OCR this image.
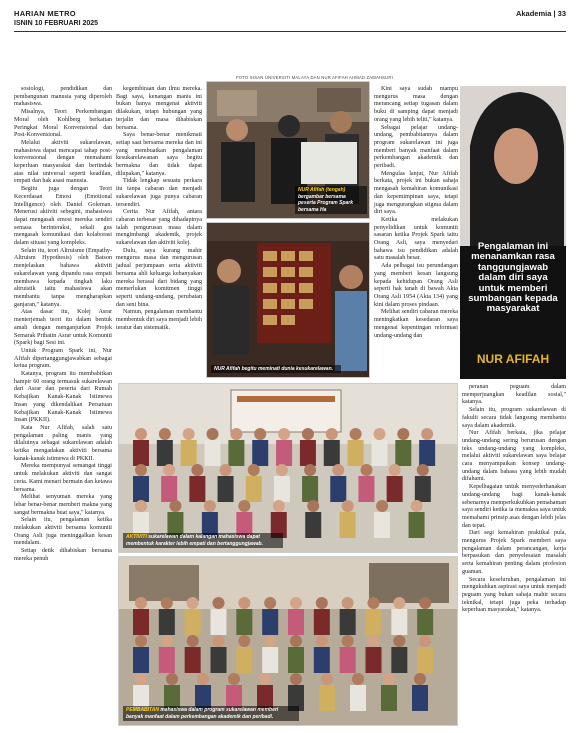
HARIAN METRO
ISNIN 10 FEBRUARI 2025
Akademia | 33

sosiologi, pendidikan dan pembangunan manusia yang diperoleh mahasiswa.

Misalnya, Teori Perkembangan Moral oleh Kohlberg berkaitan Peringkat Moral Konvensional dan Post-Konvensional.

Melalui aktiviti sukarelawan, mahasiswa dapat mencapai tahap post-konvensional dengan memahami keperluan masyarakat dan bertindak atas nilai universal seperti keadilan, empati dan hak asasi manusia.

Begitu juga dengan Teori Kecerdasan Emosi (Emotional Intelligence) oleh Daniel Goleman. Menerusi aktiviti sebegini, mahasiswa dapat mengasah emosi mereka sendiri semasa berinteraksi, sekali gus mengasah komunikasi dan kolaborasi dalam situasi yang kompleks.

Selain itu, teori Altruisme (Empathy-Altruism Hypothesis) oleh Batson menjelaskan bahawa aktiviti sukarelawan yang dipandu rasa empati membawa kepada tingkah laku altruistik iaitu mahasiswa akan membantu tanpa mengharapkan ganjaran," katanya.

Atas dasar itu, Kolej Asrar menterjemah teori itu dalam bentuk amali dengan menganjurkan Projek Semarak Prihatin Asrar untuk Komuniti (Spark) bagi Sesi ini.

Untuk Program Spark ini, Nur Afifah dipertanggungjawabkan sebagai ketua program.

Katanya, program itu membabitkan hampir 60 orang termasuk sukarelawan dari Asrar dan peserta dari Rumah Kebajikan Kanak-Kanak Istimewa Insan yang dikendalikan Persatuan Kebajikan Kanak-Kanak Istimewa Insan (PKKII).

Kata Nur Afifah, salah satu pengalaman paling manis yang dilaluinya sebagai sukarelawan adalah ketika mengadakan aktiviti bersama kanak-kanak istimewa di PKKII.

Mereka mempunyai semangat tinggi untuk melakukan aktiviti dan sangat ceria. Kami menari bermain dan ketawa bersama.

Melihat senyuman mereka yang lebar benar-benar memberi makna yang sangat bermakna buat saya," katanya.

Selain itu, pengalaman ketika melakukan aktiviti bersama komuniti Orang Asli juga meninggalkan kesan mendalam.

Setiap detik dihabiskan bersama mereka penuh

kegembiraan dan ilmu mereka. Bagi saya, kenangan manis ini bukan hanya mengenai aktiviti dilakukan, tetapi hubungan yang terjalin dan masa dihabiskan bersama.

Saya benar-benar menikmati setiap saat bersama mereka dan ini yang membuatkan pengalaman kesukarelawanan saya begitu bermakna dan tidak dapat dilupakan," katanya.

Tidak lengkap sesuatu perkara itu tanpa cabaran dan menjadi sukarelawan juga punya cabaran tersendiri.

Cerita Nur Afifah, antara cabaran terbesar yang dihadapinya ialah pengurusan masa dalam mengimbangi akademik, projek sukarelawan dan aktiviti kolej.

Dulu, saya kurang mahir mengurus masa dan mengurusan jadual perjumpaan serta aktiviti bersama ahli keluarga kebanyakan mereka berasal dari bidang yang memerlukan komitmen tinggi seperti undang-undang, perubatan dan seni bina.

Namun, pengalaman membantu membentuk diri saya menjadi lebih teratur dan sistematik.

FOTO IHSAN UNIVERSITI MALAYA DAN NUR AFIFAH AHMAD ZAMAHSURI
NUR Afifah (tengah) bergambar bersama peserta Program Spark bersama Ha
NUR Afifah begitu meminati dunia kesukarelawan.

Kini saya sudah mampu mengurus masa dengan merancang setiap tugasan dalam buku di samping dapat menjadi orang yang lebih teliti," katanya.

Sebagai pelajar undang-undang, pembabitannya dalam program sukarelawan ini juga memberi banyak manfaat dalam perkembangan akademik dan peribadi.

Mengulas lanjut, Nur Afifah berkata, projek ini bukan sahaja mengasah kemahiran komunikasi dan kepemimpinan saya, tetapi juga mengurangkan stigma dalam diri saya.

Ketika melakukan penyelidikan untuk komuniti sasaran ketika Projek Spark iaitu Orang Asli, saya menyedari bahawa isu pendidikan adalah satu masalah besar.

Ada pelbagai isu perundangan yang memberi kesan langsung kepada kehidupan Orang Asli seperti hak tanah di bawah Akta Orang Asli 1954 (Akta 134) yang kini dalam proses pindaan.

Melihat sendiri cabaran mereka meningkatkan kesedaran saya mengenai kepentingan reformasi undang-undang dan

Pengalaman ini menanamkan rasa tanggungjawab dalam diri saya untuk memberi sumbangan kepada masyarakat
NUR AFIFAH
AKTIVITI sukarelawan dalam kalangan mahasiswa dapat membentuk karakter lebih empati dan bertanggungjawab.
PEMBABITAN mahasiswa dalam program sukarelawan memberi banyak manfaat dalam perkembangan akademik dan peribadi.

peranan peguam dalam memperjuangkan keadilan sosial," katanya.

Selain itu, program sukarelawan di fakulti secara tidak langsung membantu saya dalam akademik.

Nur Afifah berkata, jika pelajar undang-undang sering berurusan dengan teks undang-undang yang kompleks, melalui aktiviti sukarelawan saya belajar cara menyampaikan konsep undang-undang dalam bahasa yang lebih mudah difahami.

Kepelbagaian untuk menyederhanakan undang-undang bagi kanak-kanak sebenarnya memperkukuhkan pemahaman saya sendiri ketika ia memaksa saya untuk memahami prinsip asas dengan lebih jelas dan tepat.

Dari segi kemahiran praktikal pula, mengurus Projek Spark memberi saya pengalaman dalam perancangan, kerja berpasukan dan penyelesaian masalah serta kemahiran penting dalam profesion guaman.

Secara keseluruhan, pengalaman ini mengukuhkan aspirasi saya untuk menjadi peguam yang bukan sahaja mahir secara teknikal, tetapi juga peka terhadap keperluan masyarakat," katanya.
